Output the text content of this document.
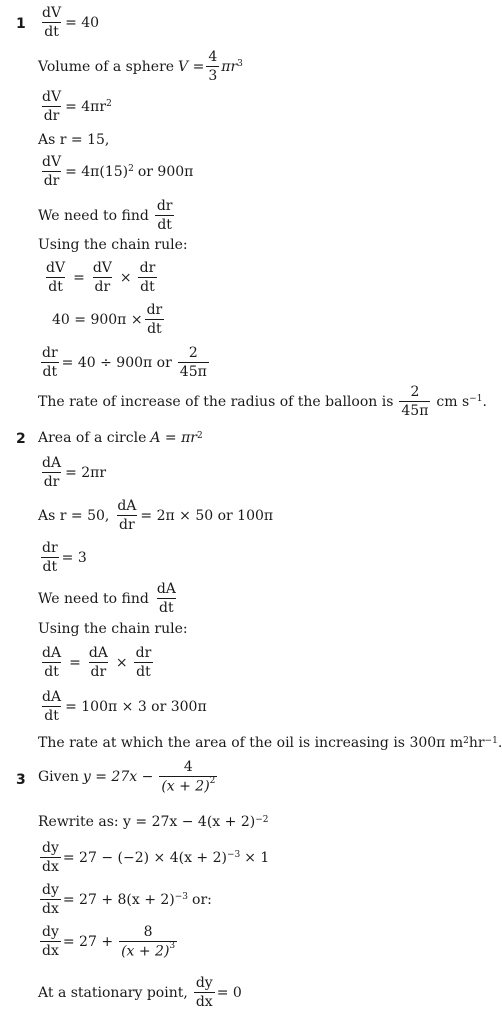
$1 \frac{dV}{dt} = 40$
Volume of a sphere $V = \frac{4}{3} \pi r^3$
$\frac{dV}{dr} = 4\pi r^2$
As r = 15,
$\frac{dV}{dr} = 4\pi(15)^2$ or 900π
We need to find $\frac{dr}{dt}$
Using the chain rule:
$\frac{dV}{dt} = \frac{dV}{dr} \times \frac{dr}{dt}$
$40 = 900\pi \times \frac{dr}{dt}$
$\frac{dr}{dt} = 40 \div 900\pi$ or $\frac{2}{45\pi}$
The rate of increase of the radius of the balloon is $\frac{2}{45\pi}$ cm $s^{-1}$ .
2 Area of a circle $A = \pi r^2$
$\frac{dA}{dr} = 2\pi r$
As r = 50, $\frac{dA}{dr} = 2\pi \times 50$ or 100π
$\frac{dr}{dt} = 3$
We need to find $\frac{dA}{dt}$
Using the chain rule:
$\frac{dA}{dt} = \frac{dA}{dr} \times \frac{dr}{dt}$
$\frac{dA}{dt} = 100\pi \times 3$ or 300π
The rate at which the area of the oil is increasing is 300π $m^2$ $hr^{-1}$ .
3 Given $y = 27x - \frac{4}{(x + 2)^2}$
Rewrite as: $y = 27x - 4(x + 2)^{-2}$
$\frac{dy}{dx} = 27 - (-2) \times 4(x + 2)^{-3} \times 1$
$\frac{dy}{dx} = 27 + 8(x + 2)^{-3}$ or:
$\frac{dy}{dx} = 27 + \frac{8}{(x + 2)^3}$
At a stationary point, $\frac{dy}{dx} = 0$
